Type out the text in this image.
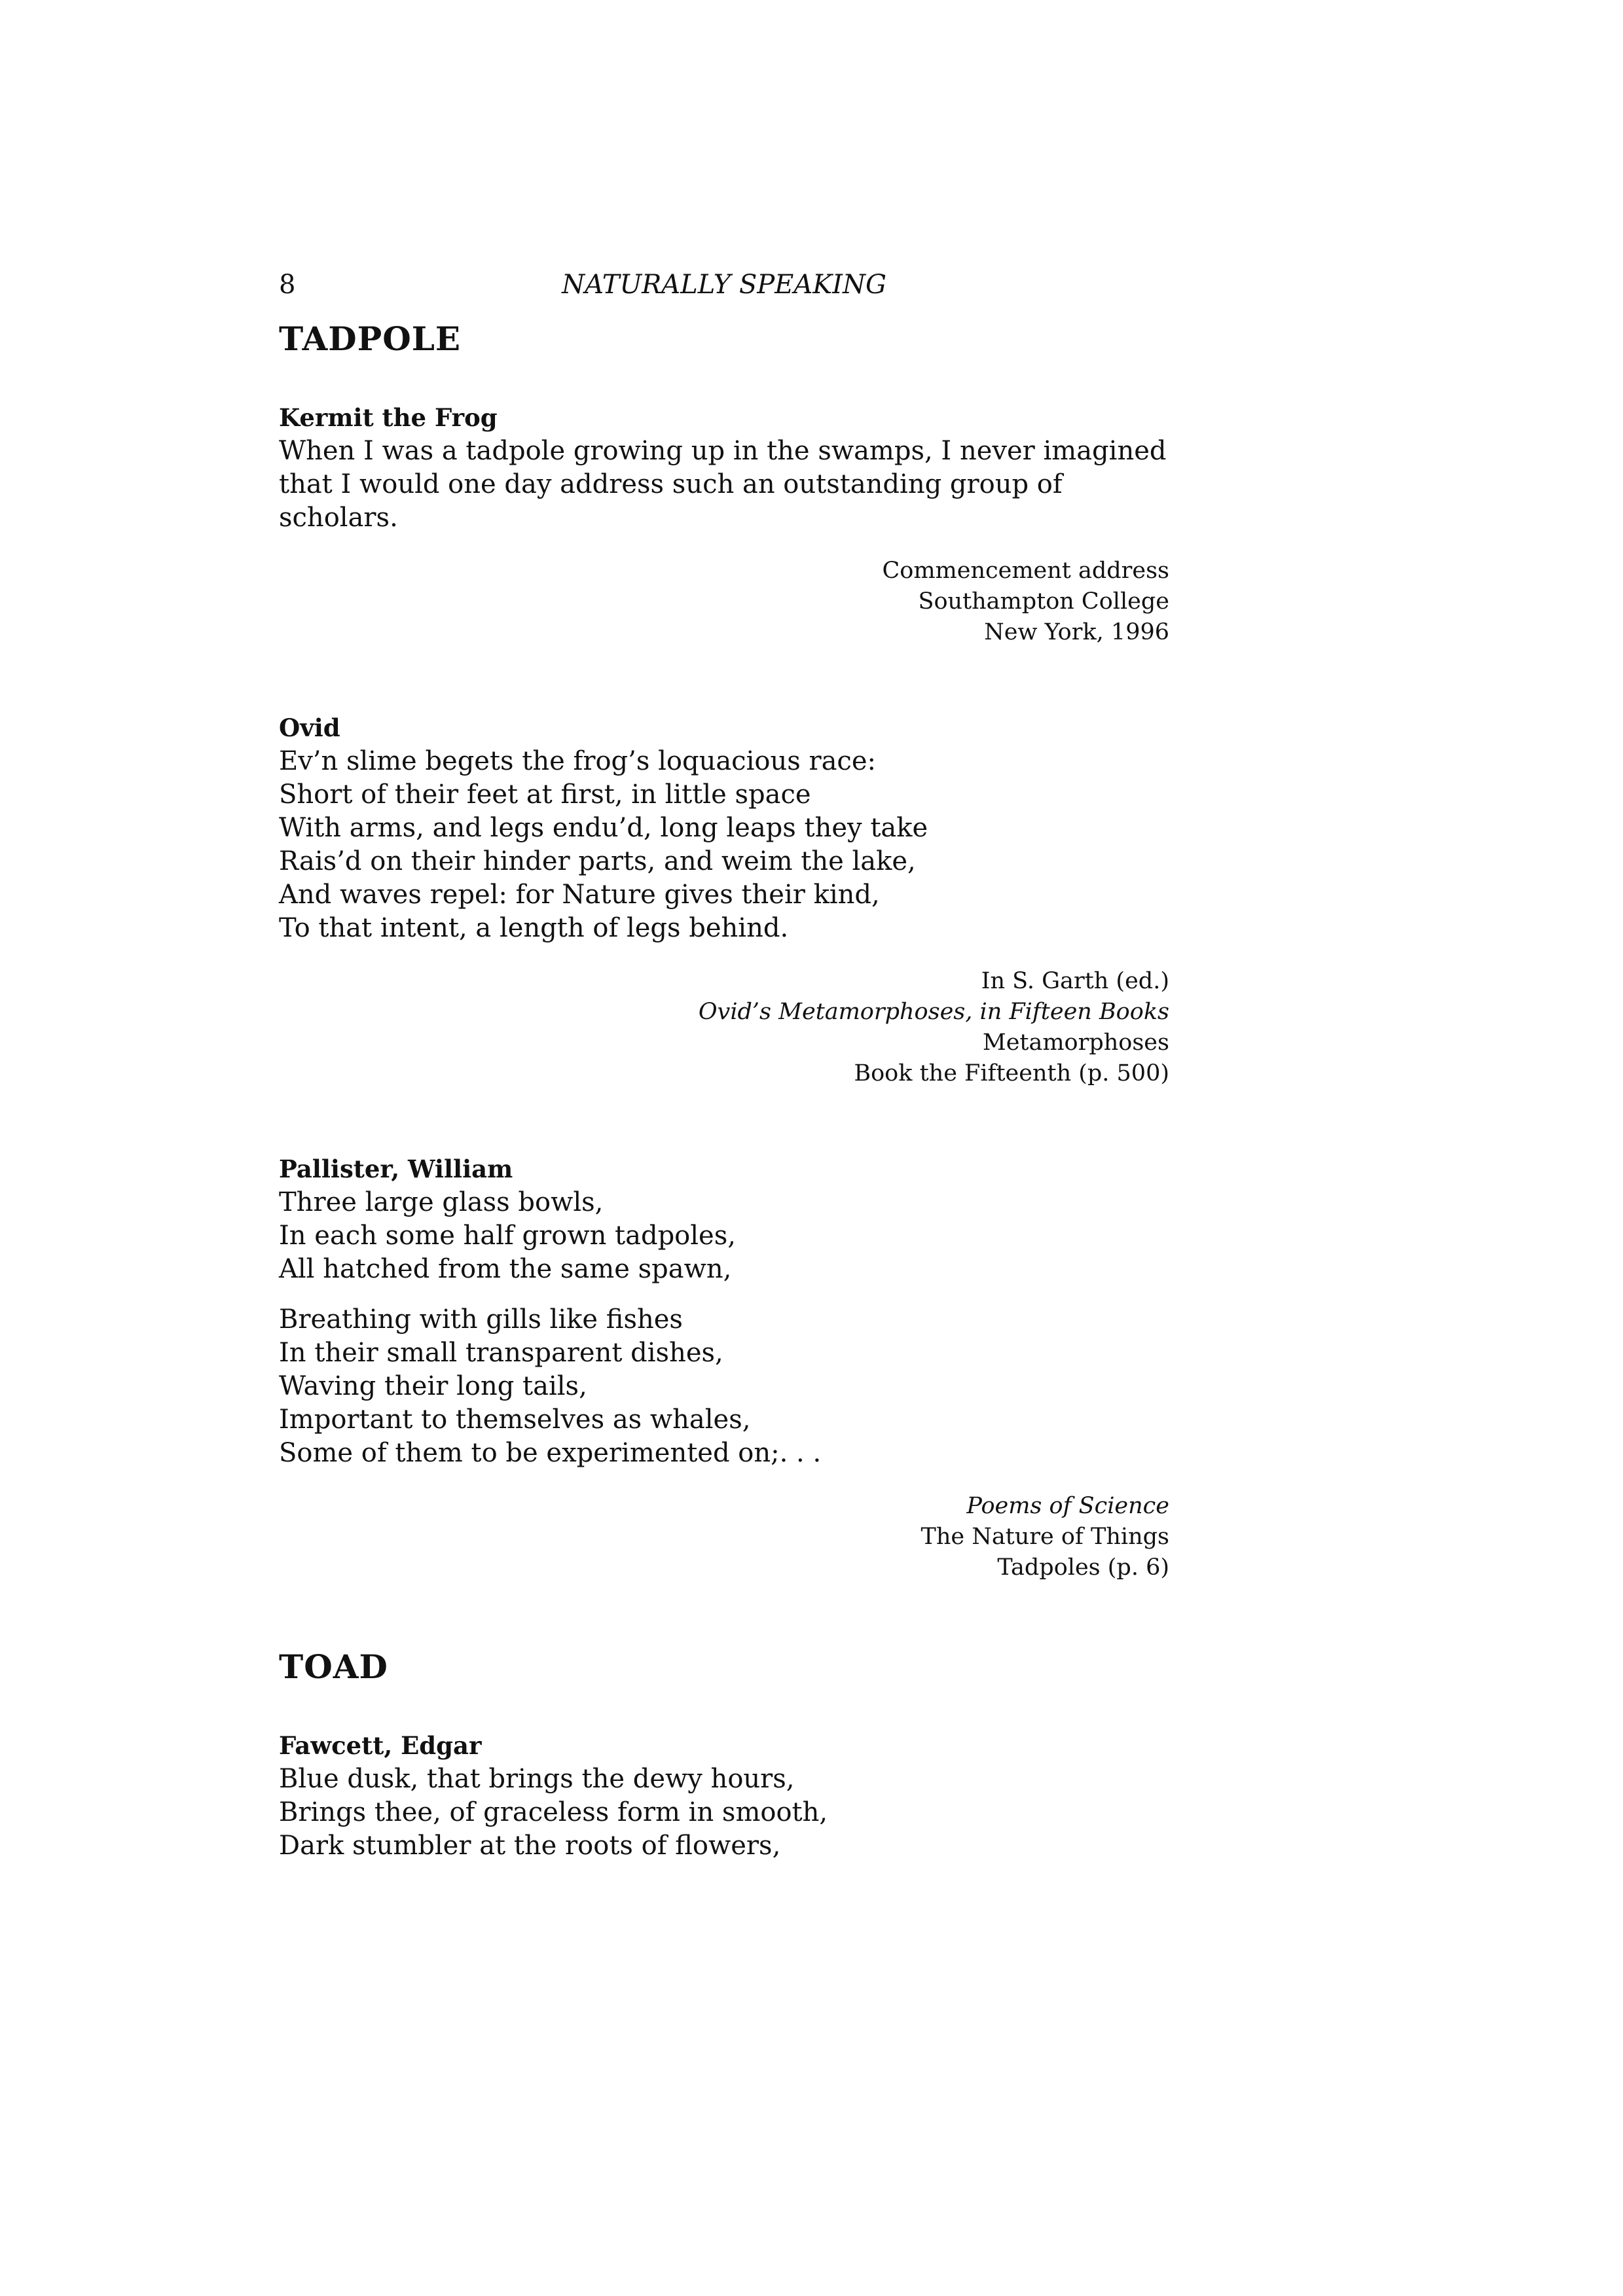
8	NATURALLY SPEAKING
TADPOLE
Kermit the Frog
When I was a tadpole growing up in the swamps, I never imagined that I would one day address such an outstanding group of scholars.
Commencement address
Southampton College
New York, 1996
Ovid
Ev’n slime begets the frog’s loquacious race:
Short of their feet at first, in little space
With arms, and legs endu’d, long leaps they take
Rais’d on their hinder parts, and weim the lake,
And waves repel: for Nature gives their kind,
To that intent, a length of legs behind.
In S. Garth (ed.)
Ovid’s Metamorphoses, in Fifteen Books
Metamorphoses
Book the Fifteenth (p. 500)
Pallister, William
Three large glass bowls,
In each some half grown tadpoles,
All hatched from the same spawn,
Breathing with gills like fishes
In their small transparent dishes,
Waving their long tails,
Important to themselves as whales,
Some of them to be experimented on;. . .
Poems of Science
The Nature of Things
Tadpoles (p. 6)
TOAD
Fawcett, Edgar
Blue dusk, that brings the dewy hours,
Brings thee, of graceless form in smooth,
Dark stumbler at the roots of flowers,
